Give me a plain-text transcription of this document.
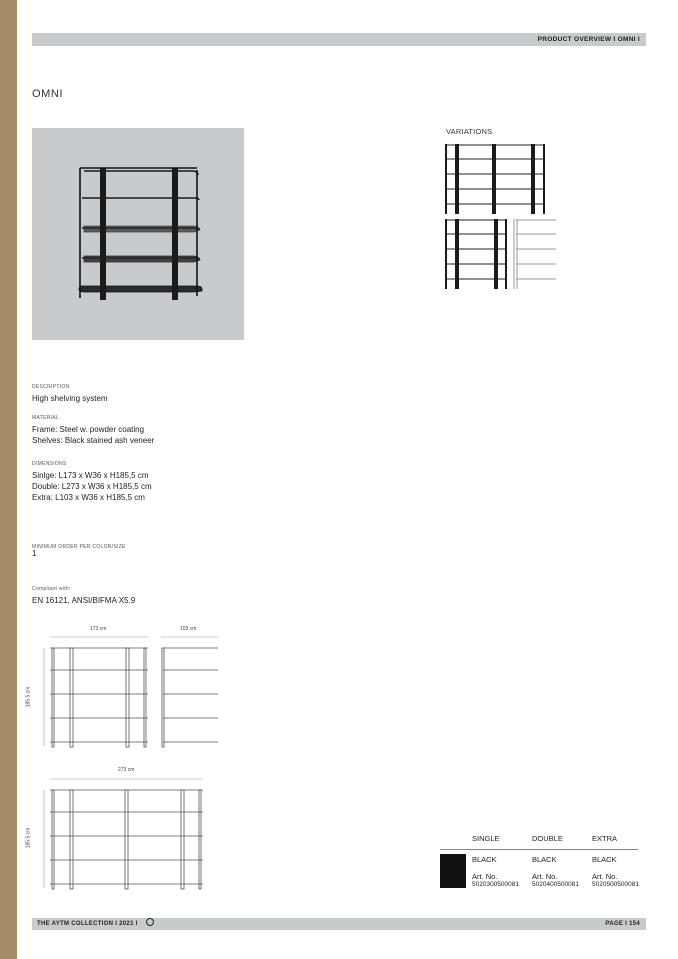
PRODUCT OVERVIEW I OMNI I
OMNI
VARIATIONS
DESCRIPTION
High shelving system
MATERIAL
Frame: Steel w. powder coating
Shelves: Black stained ash veneer
DIMENSIONS
Sinlge: L173 x W36 x H185,5 cm
Double: L273 x W36 x H185,5 cm
Extra: L103 x W36 x H185,5 cm
MINIMUM ORDER PER COLOR/SIZE
1
Compliant with:
EN 16121, ANSI/BIFMA X5.9
173 cm	103 cm
185.5 cm
273 cm
185.5 cm	SINGLE	DOUBLE	EXTRA
BLACK	BLACK	BLACK
Art. No.	Art. No.	Art. No.
5020300500081 5020400500081 5020500500081
THE AYTM COLLECTION I 2021 I	PAGE I 154
